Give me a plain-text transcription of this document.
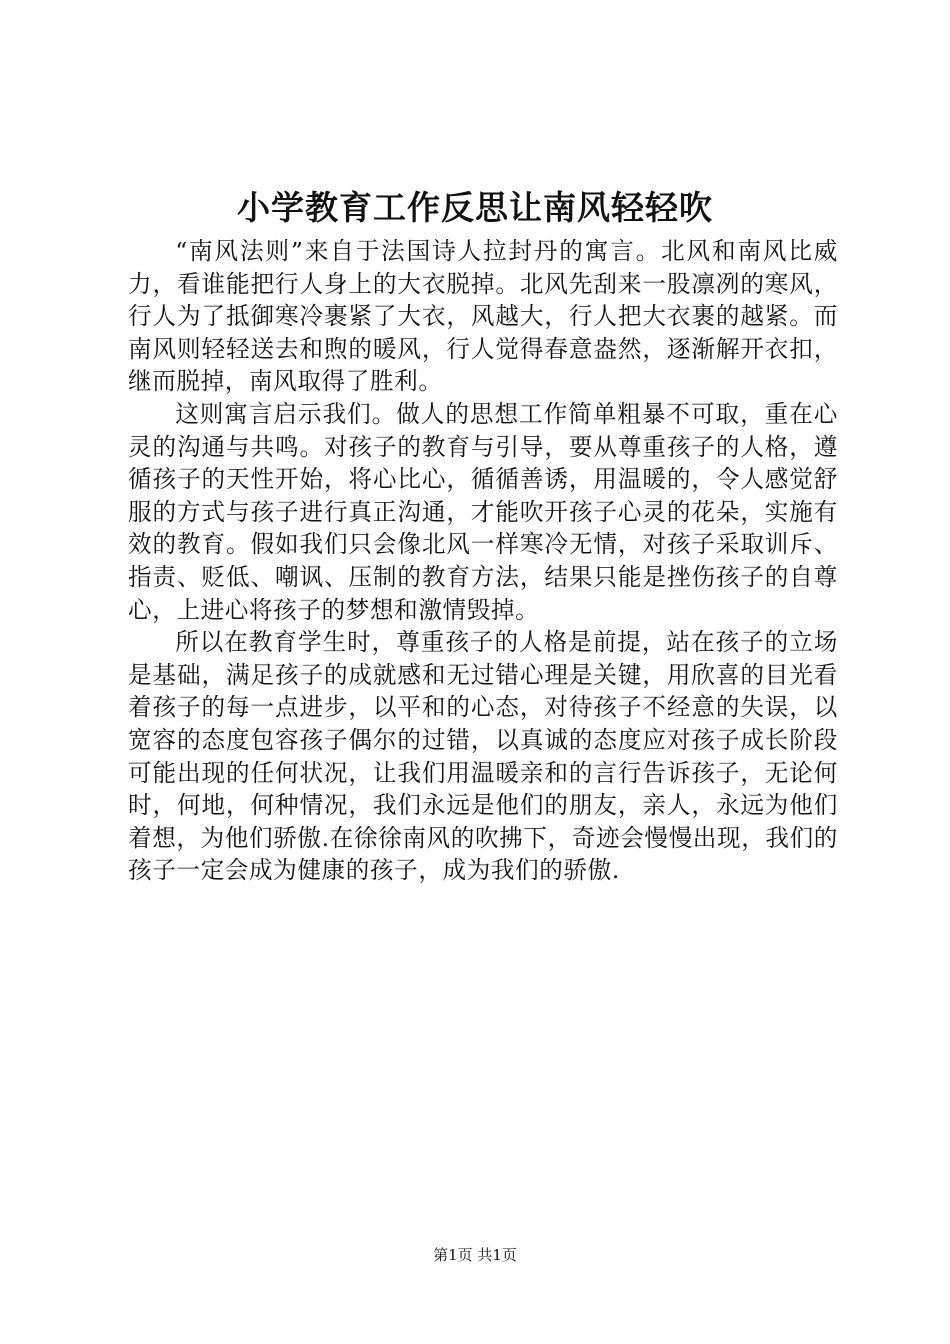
小学教育工作反思让南风轻轻吹

“南风法则”来自于法国诗人拉封丹的寓言。北风和南风比威力，看谁能把行人身上的大衣脱掉。北风先刮来一股凛冽的寒风，行人为了抵御寒冷裹紧了大衣，风越大，行人把大衣裹的越紧。而南风则轻轻送去和煦的暖风，行人觉得春意盎然，逐渐解开衣扣，继而脱掉，南风取得了胜利。

这则寓言启示我们。做人的思想工作简单粗暴不可取，重在心灵的沟通与共鸣。对孩子的教育与引导，要从尊重孩子的人格，遵循孩子的天性开始，将心比心，循循善诱，用温暖的，令人感觉舒服的方式与孩子进行真正沟通，才能吹开孩子心灵的花朵，实施有效的教育。假如我们只会像北风一样寒冷无情，对孩子采取训斥、指责、贬低、嘲讽、压制的教育方法，结果只能是挫伤孩子的自尊心，上进心将孩子的梦想和激情毁掉。

所以在教育学生时，尊重孩子的人格是前提，站在孩子的立场是基础，满足孩子的成就感和无过错心理是关键，用欣喜的目光看着孩子的每一点进步，以平和的心态，对待孩子不经意的失误，以宽容的态度包容孩子偶尔的过错，以真诚的态度应对孩子成长阶段可能出现的任何状况，让我们用温暖亲和的言行告诉孩子，无论何时，何地，何种情况，我们永远是他们的朋友，亲人，永远为他们着想，为他们骄傲.在徐徐南风的吹拂下，奇迹会慢慢出现，我们的孩子一定会成为健康的孩子，成为我们的骄傲.

第1页 共1页
